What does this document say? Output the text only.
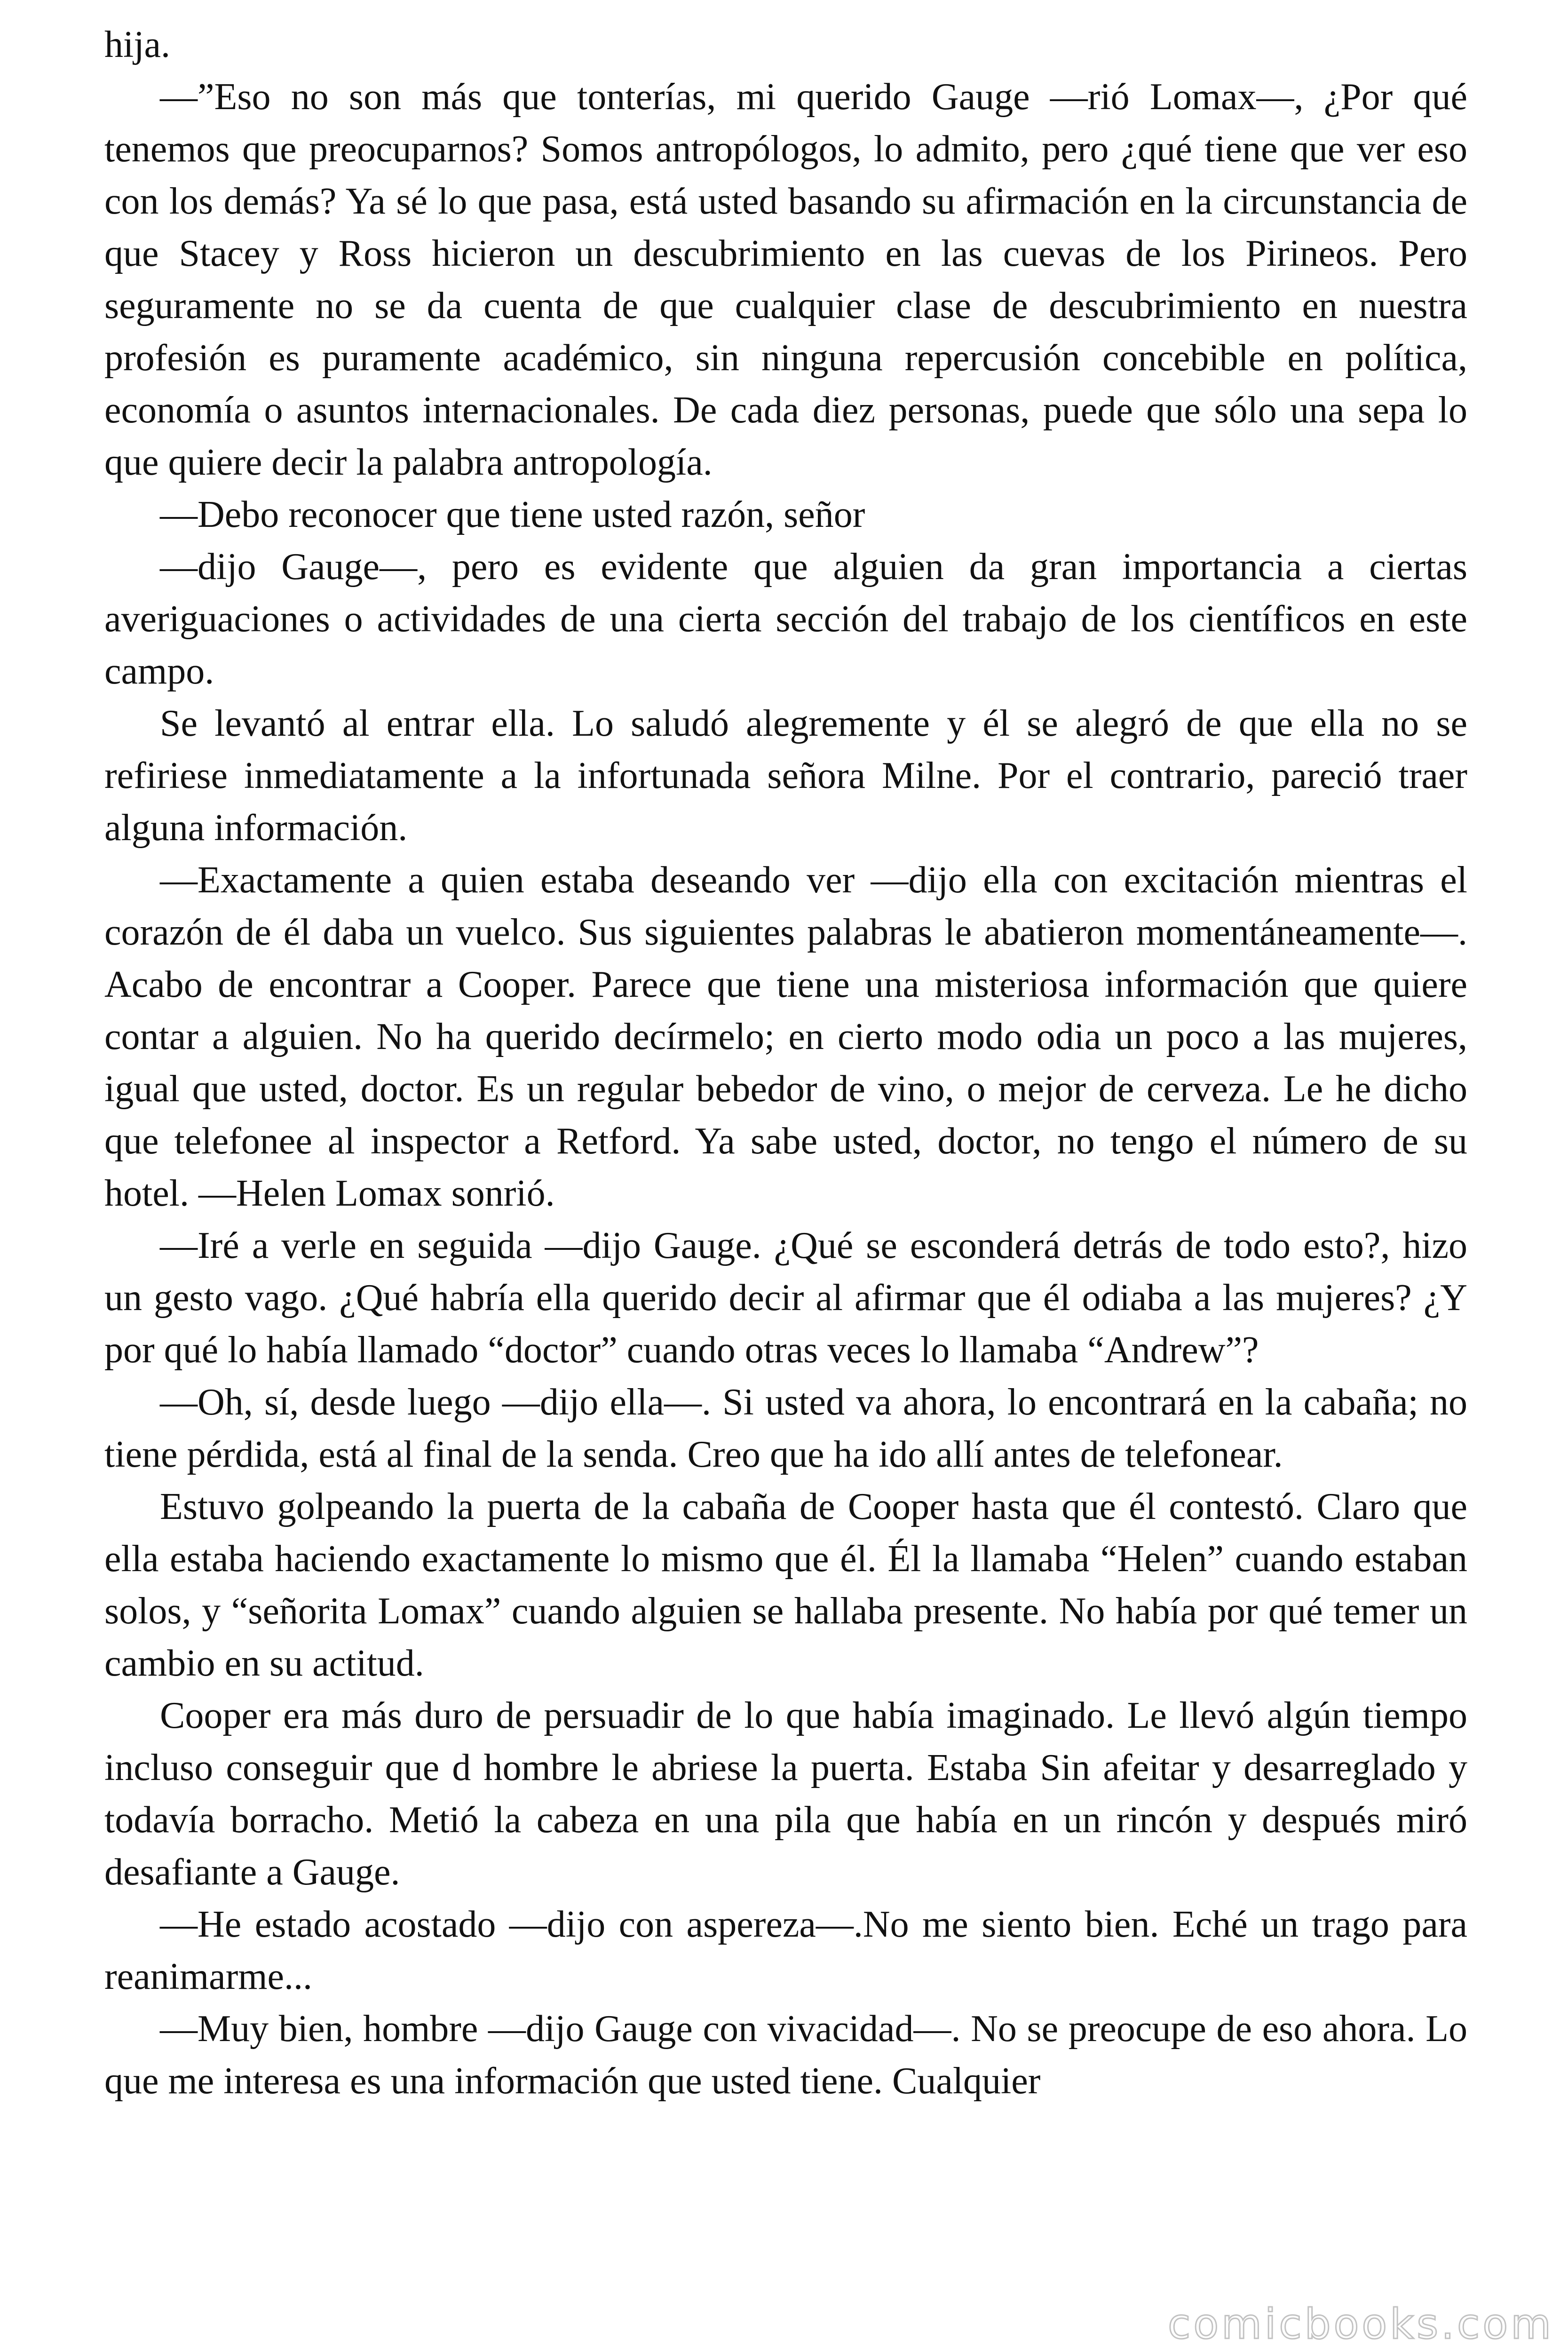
hija.

—”Eso no son más que tonterías, mi querido Gauge —rió Lomax—, ¿Por qué tenemos que preocuparnos? Somos antropólogos, lo admito, pero ¿qué tiene que ver eso con los demás? Ya sé lo que pasa, está usted basando su afirmación en la circunstancia de que Stacey y Ross hicieron un descubrimiento en las cuevas de los Pirineos. Pero seguramente no se da cuenta de que cualquier clase de descubrimiento en nuestra profesión es puramente académico, sin ninguna repercusión concebible en política, economía o asuntos internacionales. De cada diez personas, puede que sólo una sepa lo que quiere decir la palabra antropología.

—Debo reconocer que tiene usted razón, señor

—dijo Gauge—, pero es evidente que alguien da gran importancia a ciertas averiguaciones o actividades de una cierta sección del trabajo de los científicos en este campo.

Se levantó al entrar ella. Lo saludó alegremente y él se alegró de que ella no se refiriese inmediatamente a la infortunada señora Milne. Por el contrario, pareció traer alguna información.

—Exactamente a quien estaba deseando ver —dijo ella con excitación mientras el corazón de él daba un vuelco. Sus siguientes palabras le abatieron momentáneamente—. Acabo de encontrar a Cooper. Parece que tiene una misteriosa información que quiere contar a alguien. No ha querido decírmelo; en cierto modo odia un poco a las mujeres, igual que usted, doctor. Es un regular bebedor de vino, o mejor de cerveza. Le he dicho que telefonee al inspector a Retford. Ya sabe usted, doctor, no tengo el número de su hotel. —Helen Lomax sonrió.

—Iré a verle en seguida —dijo Gauge. ¿Qué se esconderá detrás de todo esto?, hizo un gesto vago. ¿Qué habría ella querido decir al afirmar que él odiaba a las mujeres? ¿Y por qué lo había llamado “doctor” cuando otras veces lo llamaba “Andrew”?

—Oh, sí, desde luego —dijo ella—. Si usted va ahora, lo encontrará en la cabaña; no tiene pérdida, está al final de la senda. Creo que ha ido allí antes de telefonear.

Estuvo golpeando la puerta de la cabaña de Cooper hasta que él contestó. Claro que ella estaba haciendo exactamente lo mismo que él. Él la llamaba “Helen” cuando estaban solos, y “señorita Lomax” cuando alguien se hallaba presente. No había por qué temer un cambio en su actitud.

Cooper era más duro de persuadir de lo que había imaginado. Le llevó algún tiempo incluso conseguir que d hombre le abriese la puerta. Estaba Sin afeitar y desarreglado y todavía borracho. Metió la cabeza en una pila que había en un rincón y después miró desafiante a Gauge.

—He estado acostado —dijo con aspereza—.No me siento bien. Eché un trago para reanimarme...

—Muy bien, hombre —dijo Gauge con vivacidad—. No se preocupe de eso ahora. Lo que me interesa es una información que usted tiene. Cualquier

comicbooks.com
